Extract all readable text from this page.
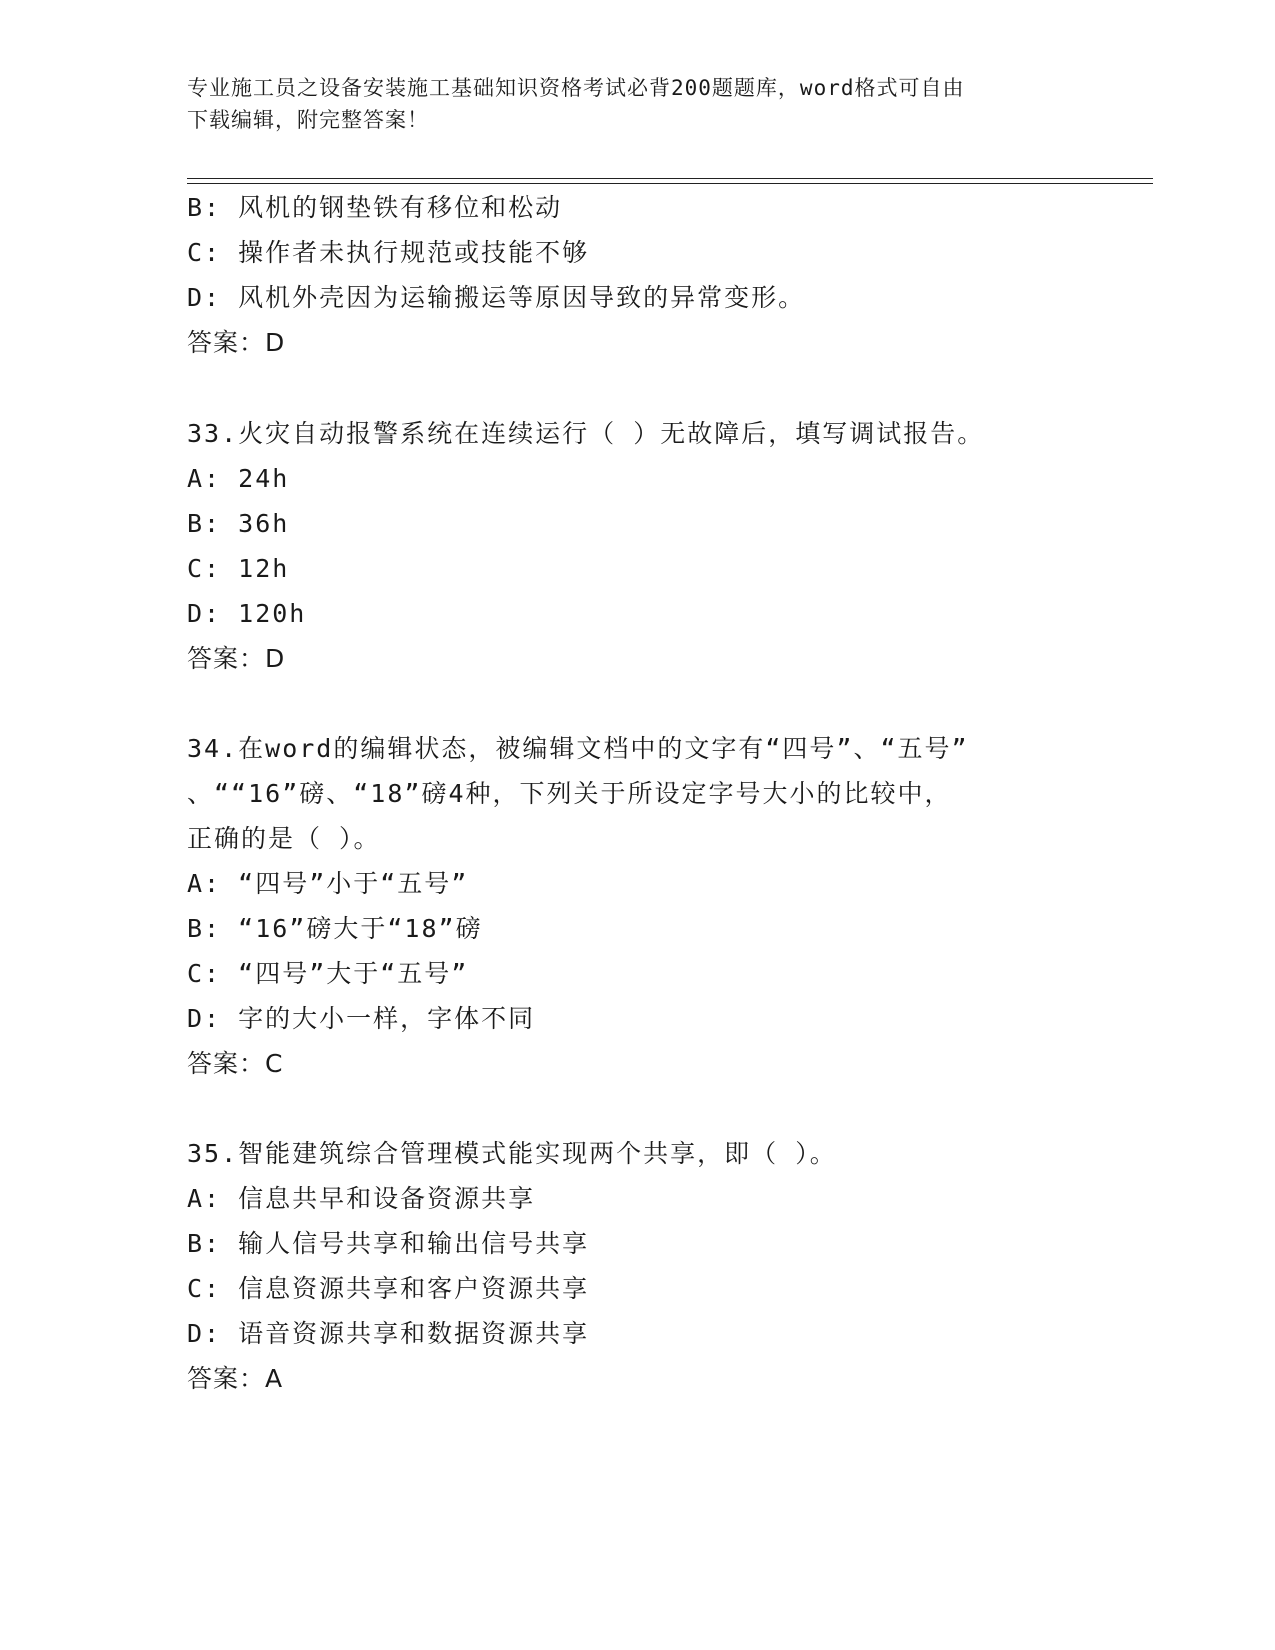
专业施工员之设备安装施工基础知识资格考试必背200题题库，word格式可自由
下载编辑，附完整答案！
B: 风机的钢垫铁有移位和松动
C: 操作者未执行规范或技能不够
D: 风机外壳因为运输搬运等原因导致的异常变形。
答案：D
33.火灾自动报警系统在连续运行（ ）无故障后，填写调试报告。
A: 24h
B: 36h
C: 12h
D: 120h
答案：D
34.在word的编辑状态，被编辑文档中的文字有“四号”、“五号”
、““16”磅、“18”磅4种，下列关于所设定字号大小的比较中，
正确的是（ ）。
A: “四号”小于“五号”
B: “16”磅大于“18”磅
C: “四号”大于“五号”
D: 字的大小一样，字体不同
答案：C
35.智能建筑综合管理模式能实现两个共享，即（ ）。
A: 信息共早和设备资源共享
B: 输人信号共享和输出信号共享
C: 信息资源共享和客户资源共享
D: 语音资源共享和数据资源共享
答案：A
